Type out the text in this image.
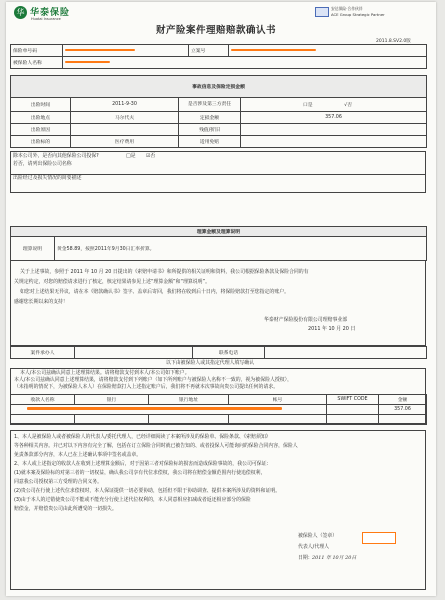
华 华泰保险
Huatai Insurance
安达保险·合作伙伴
ACE Group Strategic Partner
财产险案件理赔赔款确认书
2011.8.SV2.0版
保险单号码		立案号	
被保险人名称			
事故信息及保险定损金额			
出险时间	2011-9-30	是否涉及第三方责任	口是 √否
出险地点	马尔代夫	定损金额	357.06
出险原因		残值/折旧	
出险标的	医疗费用	适用免赔	
除本公司外，是否向其他保险公司投保?	□是 ☑否
若否，请列出保险公司名称
出险经过及损失情况的简要描述
理算金额及理算说明
理算说明	黄金58.89，按照2011年9月30日汇率折算。
关于上述事故，参照于 2011 年 10 月 20 日提出的《索赔申请书》和所提供的相关证明和资料，我公司根据保险条款及保险合同的有
关规定约定，对您的赔偿请求进行了核定，核定结果请参见上述“理算金额”和“理算说明”。
如您对上述结果无异议，请在本《赔款确认书》签字、盖章后寄回，我们将在收到后十日内，将保险赔款打至您指定的账户。
感谢您长期以来的支持！
华泰财产保险股份有限公司理赔事业部
2011 年 10 月 20 日
案件承办人		联系电话	
以下由被保险人或其指定代理人填写确认
本人/本公司兹确认同意上述理算结果。请将赔款支付到本人/本公司如下账户。
本人/本公司兹确认同意上述理算结果，请将赔款支付到下列账户（如下所列账户与被保险人名称不一致的，视为被保险人授权），
（未指明的情况下，为被保险人本人）在保险赔款打入上述指定账户后，我们将不再就本次事故向贵公司提出任何的请求。
收款人名称	银行	银行地址	帐号	SWIFT CODE	金额
					357.06

1、本人是被保险人或者被保险人的代表人/委托代理人，已经详细阅读了本案所涉及的保险单、保险条款、《索赔须知》
等各种相关内容。并已对以下内容有完全了解，包括在订立保险合同时就已被告知的、或者投保人可能询问的保险合同内容，保险人
免责条款部分内容，本人已在上述确认事项中签名或盖章。
2、本人或上述指定的收款人在收到上述理算金额后，对于因第三者对保险标的损害而造成保险事故的，我公司可保证：
(1)就本案及保险标的对第三者的一切权益，确认我公司享有代位求偿权，我公司将在赔偿金额范围内行使追偿权利，
同意我公司授权第三方受理的合同义务。
(2)贵公司在行使上述代位求偿权时，本人保证提供一切必要协助，包括但不限于协助调查、提供本案所涉及的资料和证明。
(3)由于本人的过错使贵公司不能或不能充分行使上述代位权利的，本人同意相应扣减或者返还相应部分的保险
赔偿金，并赔偿贵公司由此所遭受的一切损失。
被保险人（签章）
代表人/代理人
日期： 2011 年 10月 20日
